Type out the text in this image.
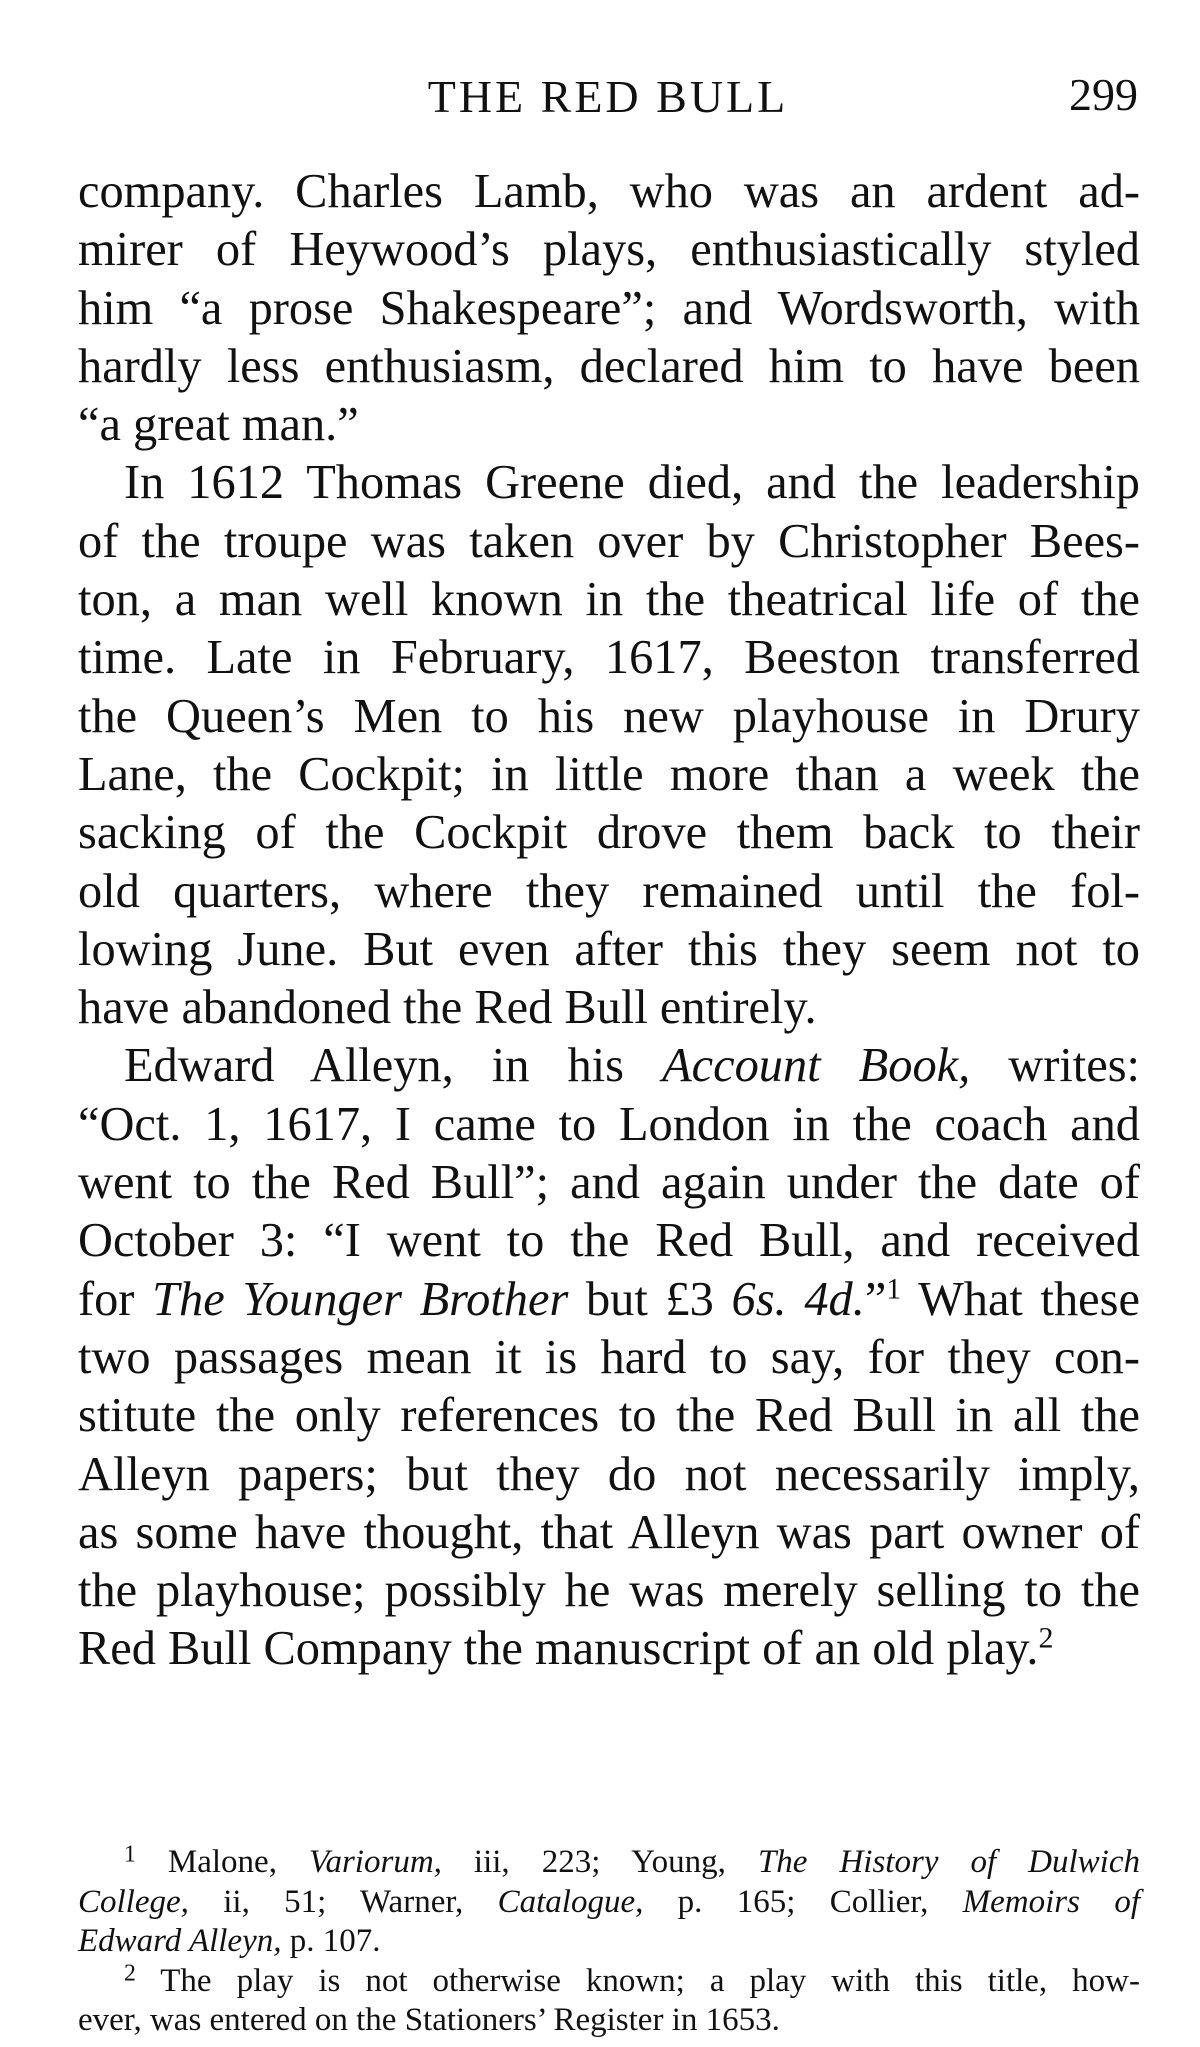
THE RED BULL	299
company. Charles Lamb, who was an ardent ad-
mirer of Heywood’s plays, enthusiastically styled
him “a prose Shakespeare”; and Wordsworth, with
hardly less enthusiasm, declared him to have been
“a great man.”
In 1612 Thomas Greene died, and the leadership
of the troupe was taken over by Christopher Bees-
ton, a man well known in the theatrical life of the
time. Late in February, 1617, Beeston transferred
the Queen’s Men to his new playhouse in Drury
Lane, the Cockpit; in little more than a week the
sacking of the Cockpit drove them back to their
old quarters, where they remained until the fol-
lowing June. But even after this they seem not to
have abandoned the Red Bull entirely.
Edward Alleyn, in his Account Book, writes:
“Oct. 1, 1617, I came to London in the coach and
went to the Red Bull”; and again under the date of
October 3: “I went to the Red Bull, and received
for The Younger Brother but £3 6s. 4d.”$^1$ What these
two passages mean it is hard to say, for they con-
stitute the only references to the Red Bull in all the
Alleyn papers; but they do not necessarily imply,
as some have thought, that Alleyn was part owner of
the playhouse; possibly he was merely selling to the
Red Bull Company the manuscript of an old play.$^2$
$^1$ Malone, Variorum, iii, 223; Young, The History of Dulwich
College, ii, 51; Warner, Catalogue, p. 165; Collier, Memoirs of
Edward Alleyn, p. 107.
$^2$ The play is not otherwise known; a play with this title, how-
ever, was entered on the Stationers’ Register in 1653.
